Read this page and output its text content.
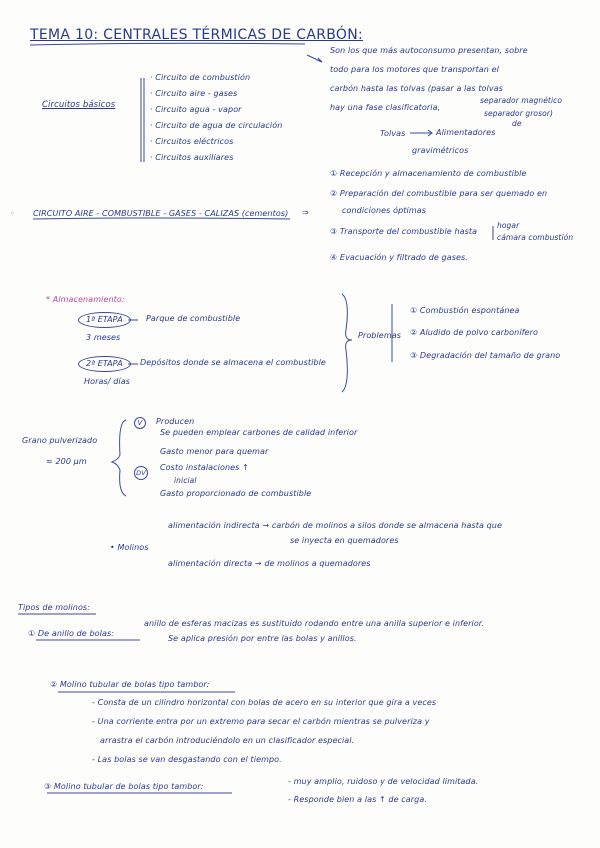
TEMA 10: CENTRALES TÉRMICAS DE CARBÓN:
Circuitos básicos
· Circuito de combustión
· Circuito aire - gases
· Circuito agua - vapor
· Circuito de agua de circulación
· Circuitos eléctricos
· Circuitos auxiliares
Son los que más autoconsumo presentan, sobre
todo para los motores que transportan el
carbón hasta las tolvas (pasar a las tolvas
hay una fase clasificatoria,
separador magnético
separador grosor)
de
Tolvas	Alimentadores
gravimétricos
① Recepción y almacenamiento de combustible
② Preparación del combustible para ser quemado en
condiciones óptimas
③ Transporte del combustible hasta
hogar
cámara combustión
④ Evacuación y filtrado de gases.
◦ CIRCUITO AIRE - COMBUSTIBLE - GASES - CALIZAS (cementos) ⇒
* Almacenamiento:
1ª ETAPA	Parque de combustible
3 meses
2ª ETAPA	Depósitos donde se almacena el combustible
Horas/ días
Problemas
① Combustión espontánea
② Aludido de polvo carbonífero
③ Degradación del tamaño de grano
Grano pulverizado
≈ 200 µm
V	Producen
Se pueden emplear carbones de calidad inferior
Gasto menor para quemar
DV
Costo instalaciones ↑
inicial
Gasto proporcionado de combustible
• Molinos
alimentación indirecta → carbón de molinos a silos donde se almacena hasta que
se inyecta en quemadores
alimentación directa → de molinos a quemadores
Tipos de molinos:
① De anillo de bolas:
anillo de esferas macizas es sustituido rodando entre una anilla superior e inferior.
Se aplica presión por entre las bolas y anillos.
② Molino tubular de bolas tipo tambor:
- Consta de un cilindro horizontal con bolas de acero en su interior que gira a veces
- Una corriente entra por un extremo para secar el carbón mientras se pulveriza y
arrastra el carbón introduciéndolo en un clasificador especial.
- Las bolas se van desgastando con el tiempo.
③ Molino tubular de bolas tipo tambor:
- muy amplio, ruidoso y de velocidad limitada.
- Responde bien a las ↑ de carga.
